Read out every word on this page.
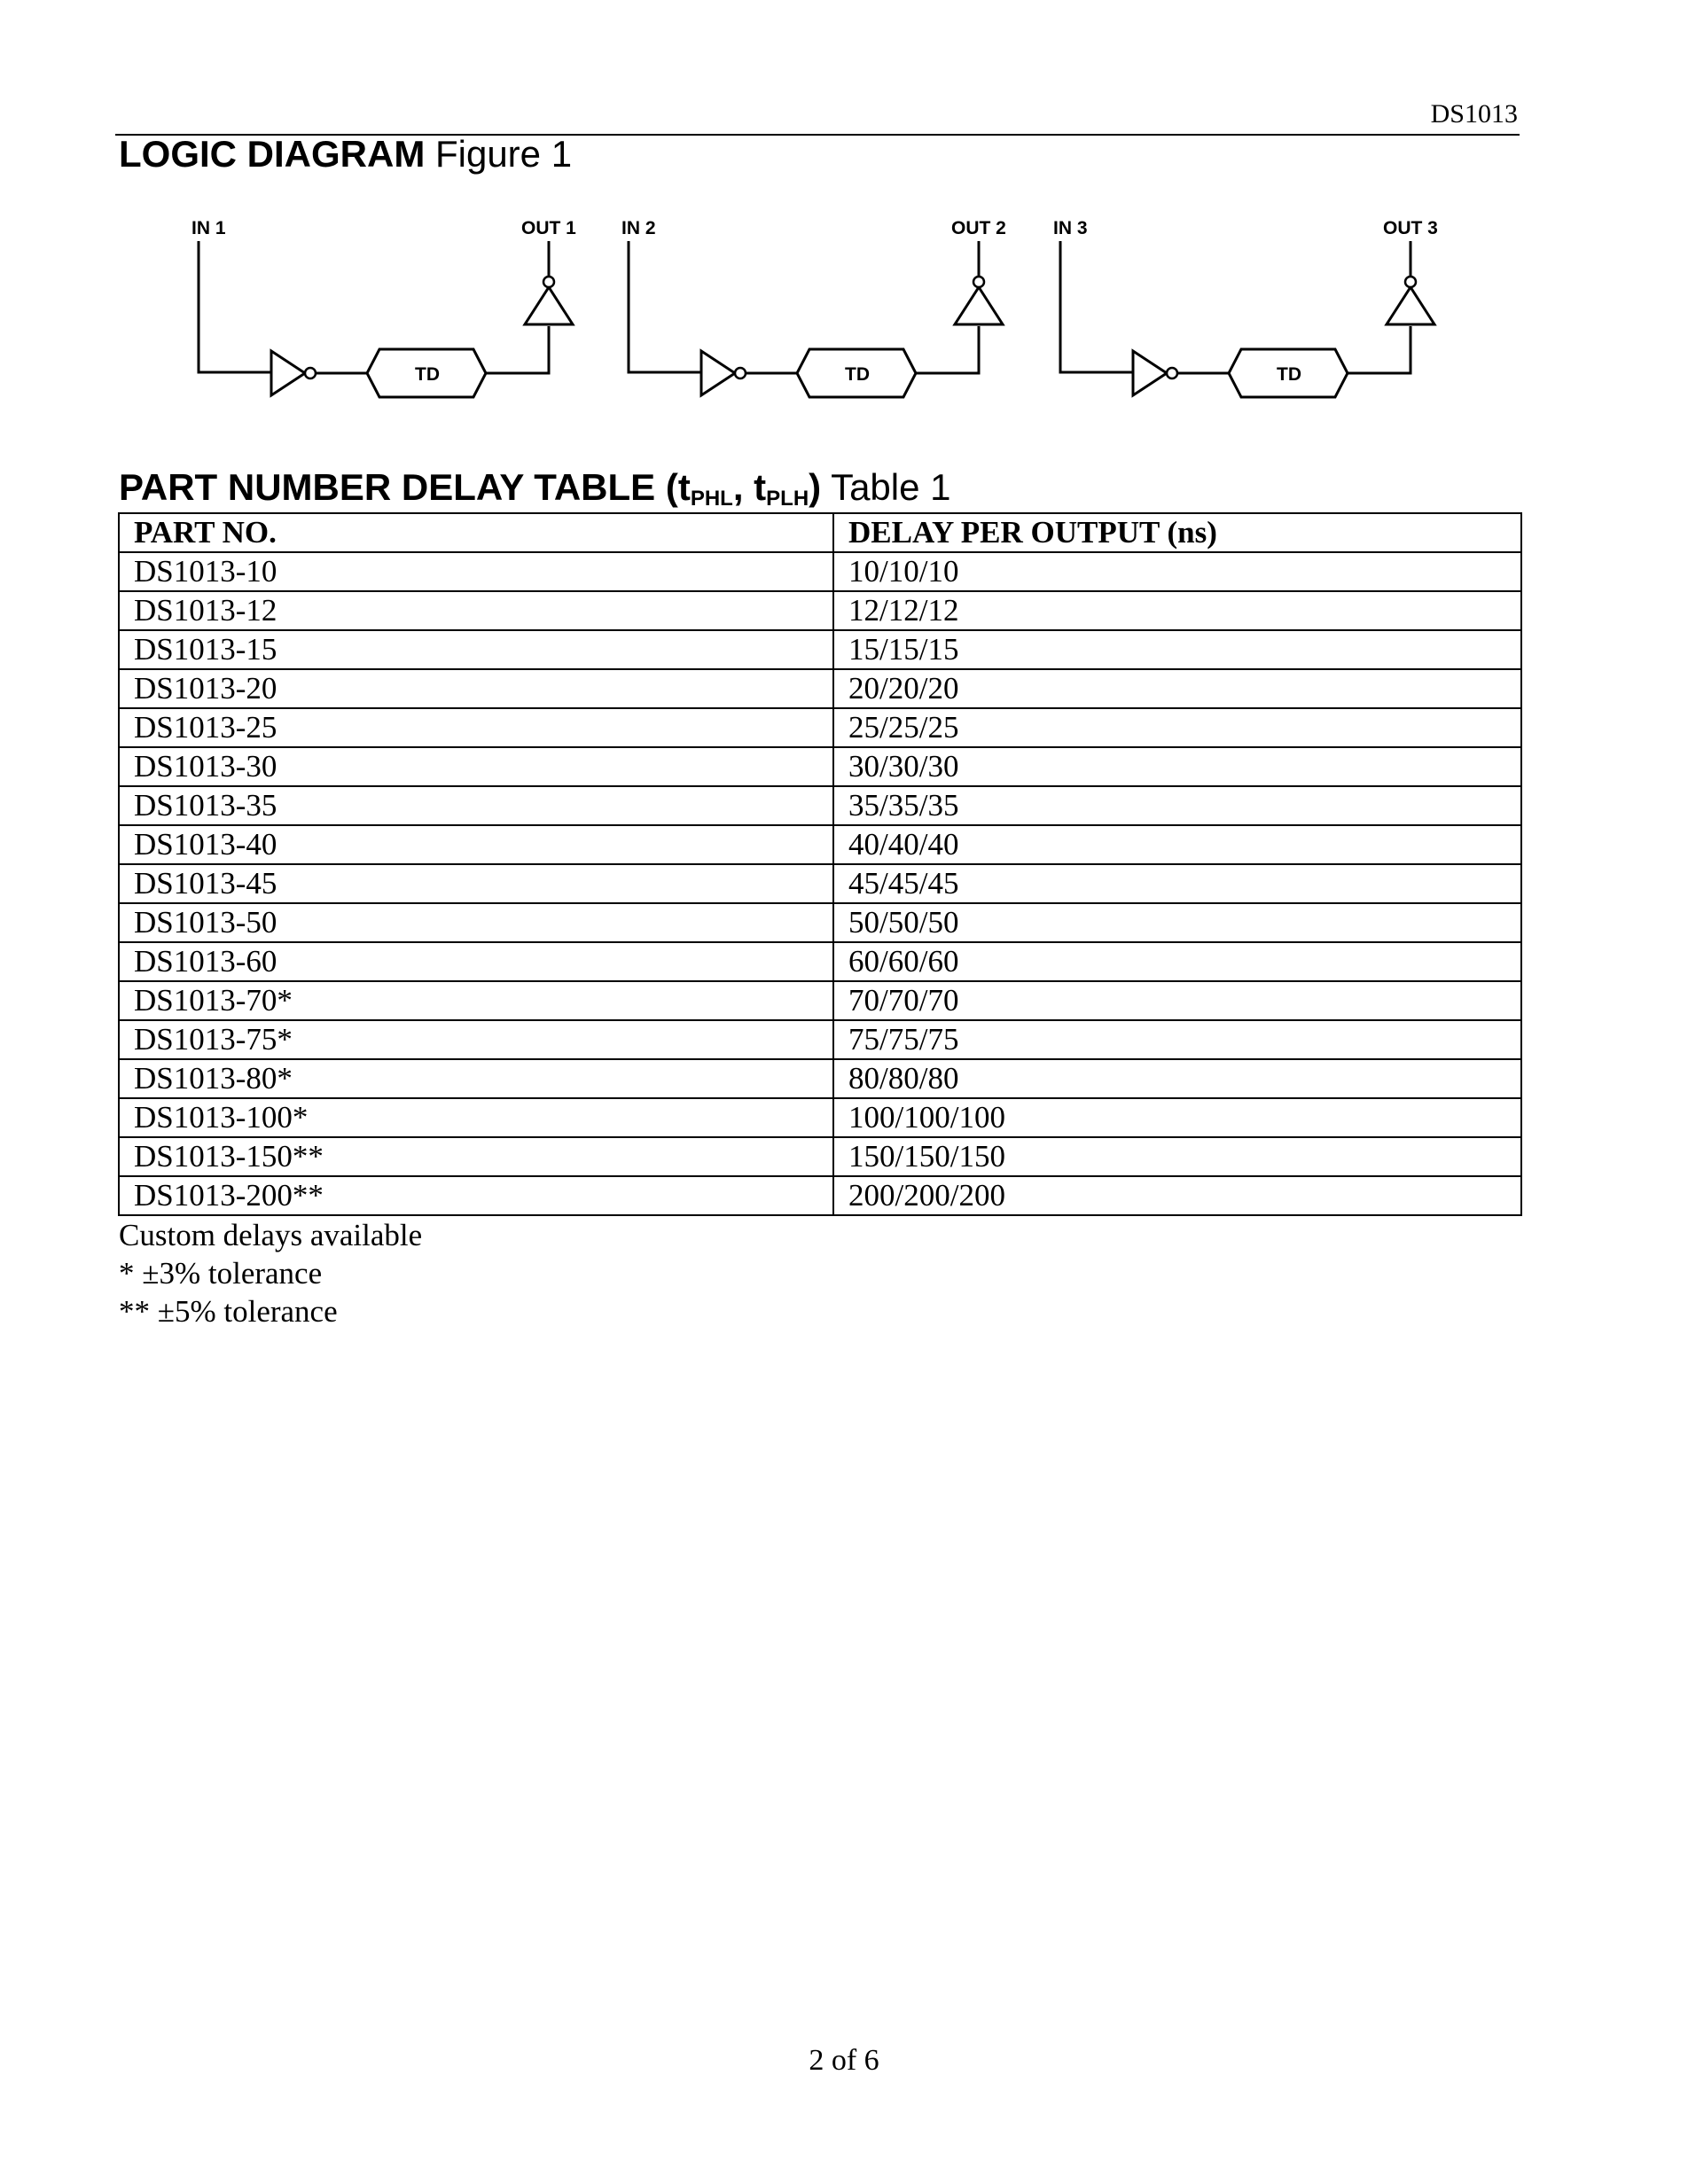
DS1013
LOGIC DIAGRAM Figure 1
IN 1	OUT 1
TD
IN 2	OUT 2
TD
IN 3	OUT 3
TD
PART NUMBER DELAY TABLE ($t_{PHL}$, $t_{PLH}$) Table 1
PART NO.	DELAY PER OUTPUT (ns)
DS1013-10	10/10/10
DS1013-12	12/12/12
DS1013-15	15/15/15
DS1013-20	20/20/20
DS1013-25	25/25/25
DS1013-30	30/30/30
DS1013-35	35/35/35
DS1013-40	40/40/40
DS1013-45	45/45/45
DS1013-50	50/50/50
DS1013-60	60/60/60
DS1013-70*	70/70/70
DS1013-75*	75/75/75
DS1013-80*	80/80/80
DS1013-100*	100/100/100
DS1013-150**	150/150/150
DS1013-200**	200/200/200
Custom delays available
* ±3% tolerance
** ±5% tolerance
2 of 6
